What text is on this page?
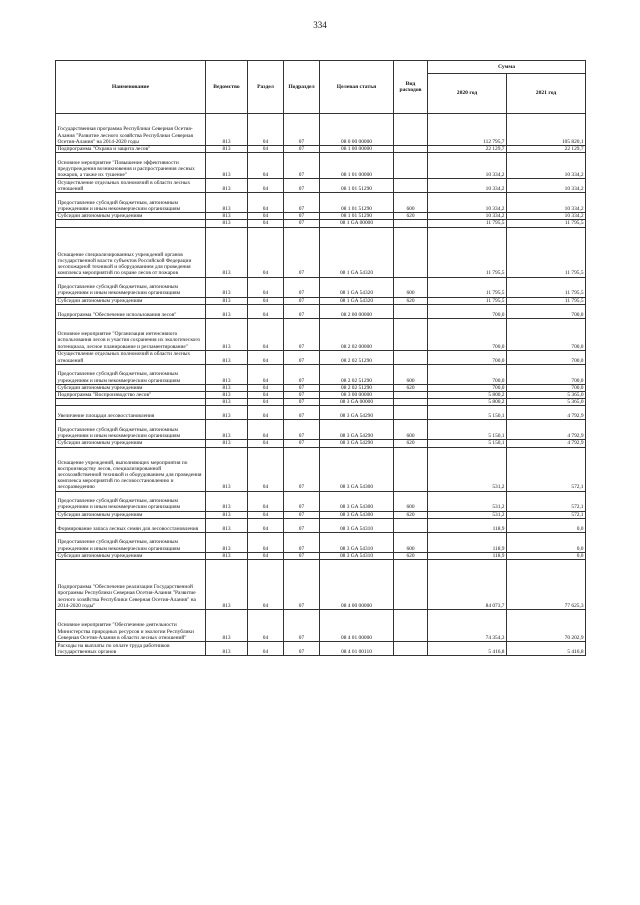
334
Наименование	Ведомство	Раздел	Подраздел	Целевая статья	Вид расходов	Сумма	
						2020 год	2021 год
Государственная программа Республики Северная Осетия-Алания "Развитие лесного хозяйства Республики Северная Осетия-Алания" на 2014-2020 годы	813	04	07	08 0 00 00000		112 795,7	105 820,1
Подпрограмма "Охрана и защита лесов"	813	04	07	08 1 00 00000		22 129,7	22 129,7
Основное мероприятие "Повышение эффективности предупреждения возникновения и распространения лесных пожаров, а также их тушение"	813	04	07	08 1 01 00000		10 334,2	10 334,2
Осуществление отдельных полномочий в области лесных отношений	813	04	07	08 1 01 51290		10 334,2	10 334,2
Предоставление субсидий бюджетным, автономным учреждениям и иным некоммерческим организациям	813	04	07	08 1 01 51290	600	10 334,2	10 334,2
Субсидии автономным учреждениям	813	04	07	08 1 01 51290	620	10 334,2	10 334,2
	813	04	07	08 1 GA 00000		11 795,5	11 795,5
Оснащение специализированных учреждений органов государственной власти субъектов Российской Федерации лесопожарной техникой и оборудованием для проведения комплекса мероприятий по охране лесов от пожаров	813	04	07	08 1 GA 54320		11 795,5	11 795,5
Предоставление субсидий бюджетным, автономным учреждениям и иным некоммерческим организациям	813	04	07	08 1 GA 54320	600	11 795,5	11 795,5
Субсидии автономным учреждениям	813	04	07	08 1 GA 54320	620	11 795,5	11 795,5
Подпрограмма "Обеспечение использования лесов"	813	04	07	08 2 00 00000		700,0	700,0
Основное мероприятие "Организация интенсивного использования лесов и участия сохранения их экологического потенциала, лесное планирование и регламентирование"	813	04	07	08 2 02 00000		700,0	700,0
Осуществление отдельных полномочий в области лесных отношений	813	04	07	08 2 02 51290		700,0	700,0
Предоставление субсидий бюджетным, автономным учреждениям и иным некоммерческим организациям	813	04	07	08 2 02 51290	600	700,0	700,0
Субсидии автономным учреждениям	813	04	07	08 2 02 51290	620	700,0	700,0
Подпрограмма "Воспроизводство лесов"	813	04	07	08 3 00 00000		5 800,2	5 365,0
	813	04	07	08 3 GA 00000		5 800,2	5 365,0
Увеличение площади лесовосстановления	813	04	07	08 3 GA 54290		5 150,1	4 792,9
Предоставление субсидий бюджетным, автономным учреждениям и иным некоммерческим организациям	813	04	07	08 3 GA 54290	600	5 150,1	4 792,9
Субсидии автономным учреждениям	813	04	07	08 3 GA 54290	620	5 150,1	4 792,9
Оснащение учреждений, выполняющих мероприятия по воспроизводству лесов, специализированной лесохозяйственной техникой и оборудованием для проведения комплекса мероприятий по лесовосстановлению и лесоразведению	813	04	07	08 3 GA 54300		531,2	572,1
Предоставление субсидий бюджетным, автономным учреждениям и иным некоммерческим организациям	813	04	07	08 3 GA 54300	600	531,2	572,1
Субсидии автономным учреждениям	813	04	07	08 3 GA 54300	620	531,2	572,1
Формирование запаса лесных семян для лесовосстановления	813	04	07	08 3 GA 54310		118,9	0,0
Предоставление субсидий бюджетным, автономным учреждениям и иным некоммерческим организациям	813	04	07	08 3 GA 54310	600	118,9	0,0
Субсидии автономным учреждениям	813	04	07	08 3 GA 54310	620	118,9	0,0
Подпрограмма "Обеспечение реализации Государственной программы Республики Северная Осетия-Алания "Развитие лесного хозяйства Республики Северная Осетия-Алания" на 2014-2020 годы"	813	04	07	08 4 00 00000		84 073,7	77 625,3
Основное мероприятие "Обеспечение деятельности Министерства природных ресурсов и экологии Республики Северная Осетия-Алания в области лесных отношений"	813	04	07	08 4 01 00000		74 354,3	70 202,9
Расходы на выплаты по оплате труда работников государственных органов	813	04	07	08 4 01 00110		5 416,8	5 416,8
